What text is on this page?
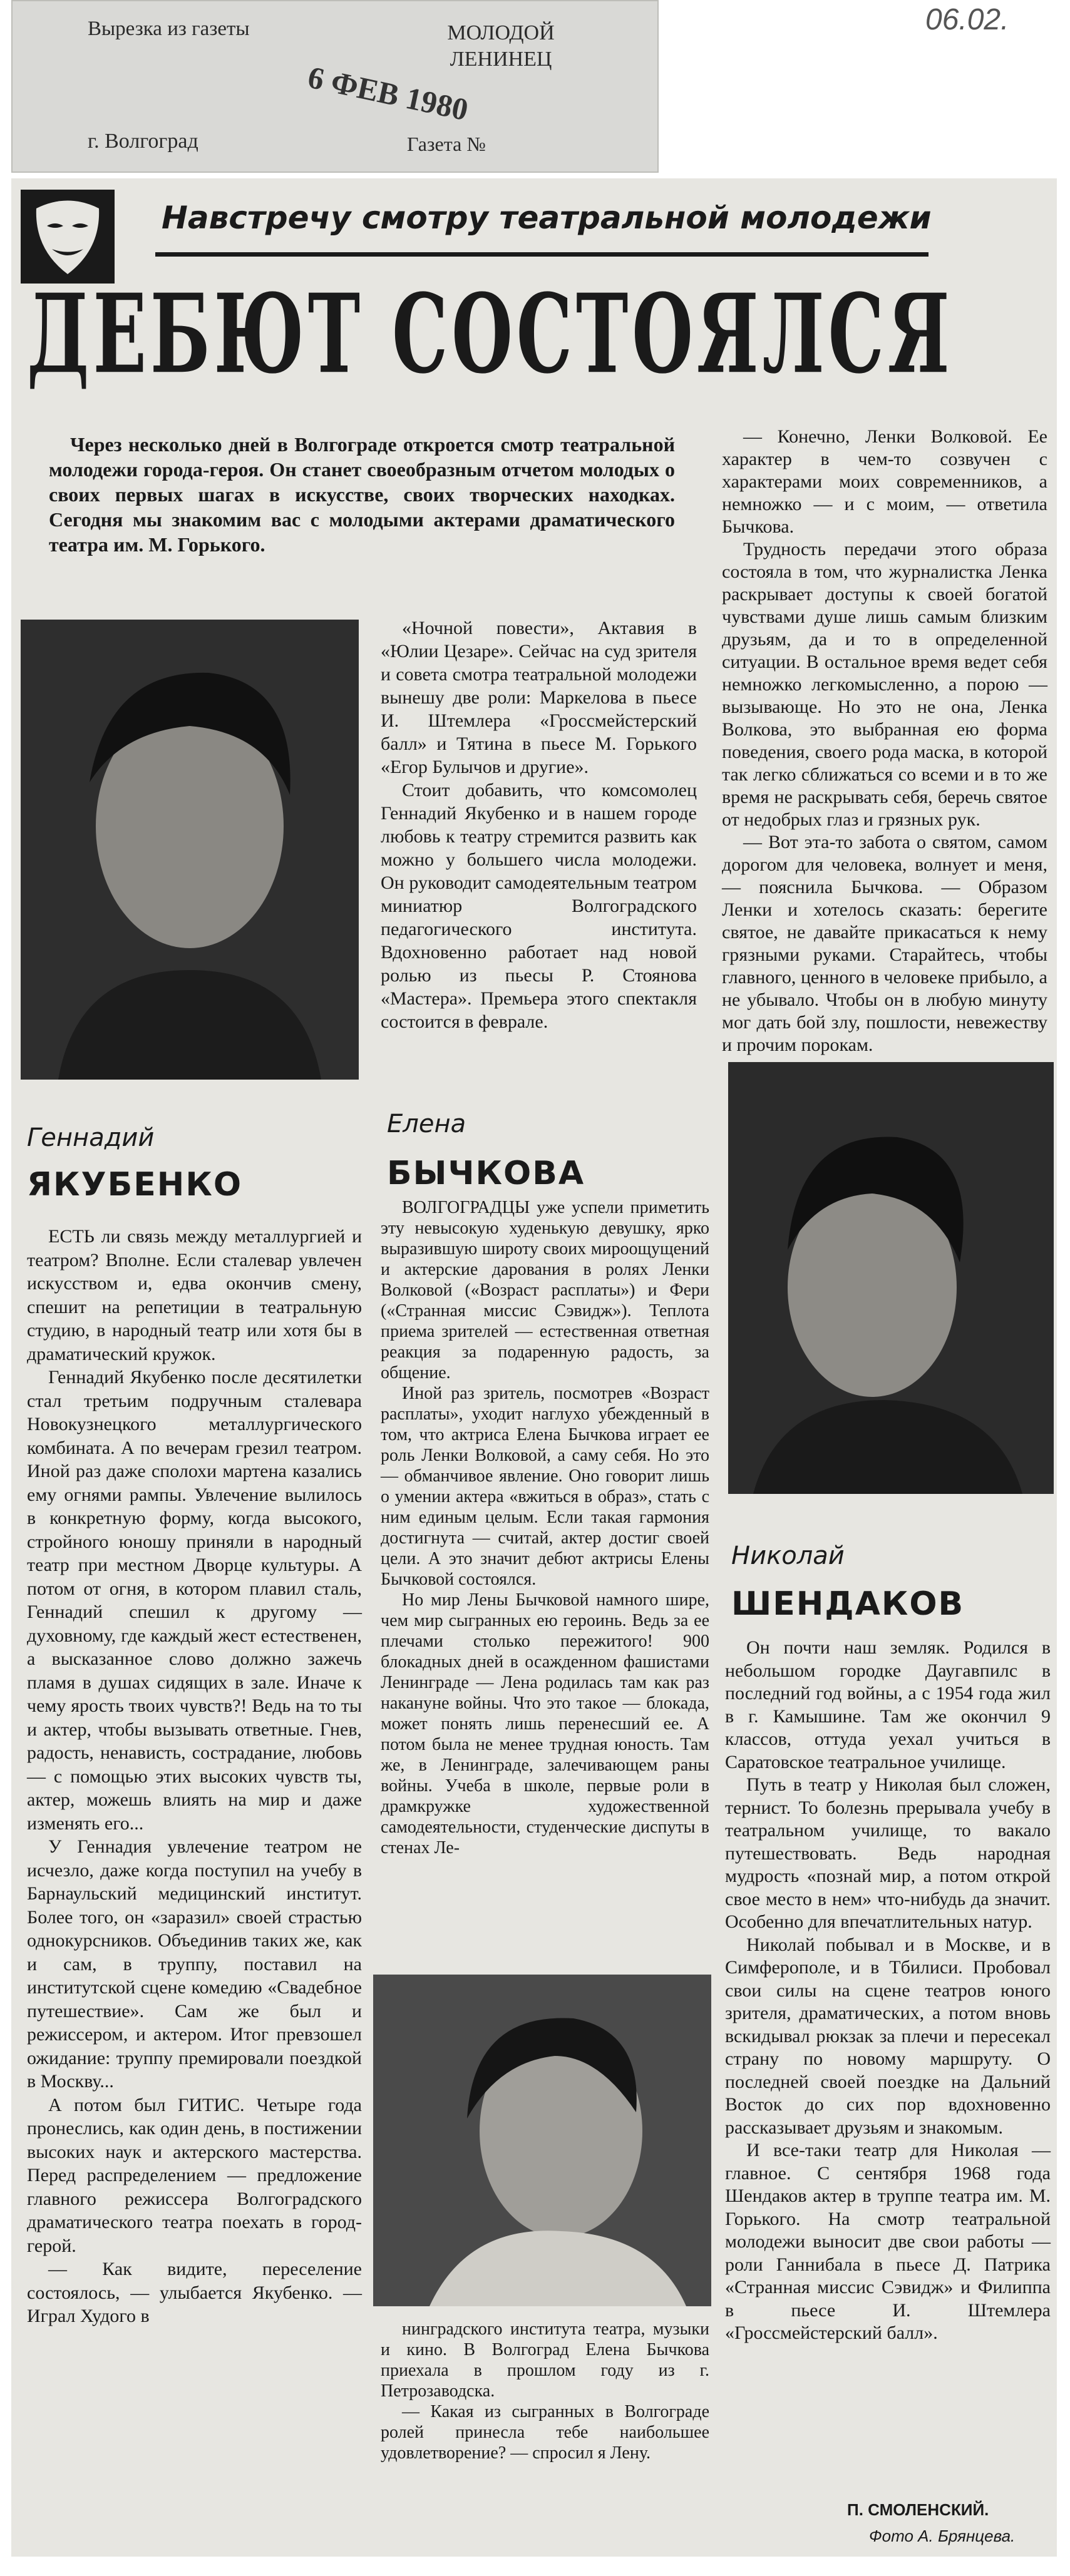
Вырезка из газеты	МОЛОДОЙ ЛЕНИНЕЦ
6 ФЕВ 1980
г. Волгоград	Газета №
06.02.
Навстречу смотру театральной молодежи
ДЕБЮТ СОСТОЯЛСЯ

Через несколько дней в Волгограде откроется смотр театральной молодежи города-героя. Он станет своеобразным отчетом молодых о своих первых шагах в искусстве, своих творческих находках. Сегодня мы знакомим вас с молодыми актерами драматического театра им. М. Горького.

— Конечно, Ленки Волковой. Ее характер в чем-то созвучен с характерами моих современников, а немножко — и с моим, — ответила Бычкова.

Трудность передачи этого образа состояла в том, что журналистка Ленка раскрывает доступы к своей богатой чувствами душе лишь самым близким друзьям, да и то в определенной ситуации. В остальное время ведет себя немножко легкомысленно, а порою — вызывающе. Но это не она, Ленка Волкова, это выбранная ею форма поведения, своего рода маска, в которой так легко сближаться со всеми и в то же время не раскрывать себя, беречь святое от недобрых глаз и грязных рук.

— Вот эта-то забота о святом, самом дорогом для человека, волнует и меня, — пояснила Бычкова. — Образом Ленки и хотелось сказать: берегите святое, не давайте прикасаться к нему грязными руками. Старайтесь, чтобы главного, ценного в человеке прибыло, а не убывало. Чтобы он в любую минуту мог дать бой злу, пошлости, невежеству и прочим порокам.

«Ночной повести», Актавия в «Юлии Цезаре». Сейчас на суд зрителя и совета смотра театральной молодежи вынешу две роли: Маркелова в пьесе И. Штемлера «Гроссмейстерский балл» и Тятина в пьесе М. Горького «Егор Булычов и другие».

Стоит добавить, что комсомолец Геннадий Якубенко и в нашем городе любовь к театру стремится развить как можно у большего числа молодежи. Он руководит самодеятельным театром миниатюр Волгоградского педагогического института. Вдохновенно работает над новой ролью из пьесы Р. Стоянова «Мастера». Премьера этого спектакля состоится в феврале.

Геннадий
ЯКУБЕНКО
Елена
БЫЧКОВА

ЕСТЬ ли связь между металлургией и театром? Вполне. Если сталевар увлечен искусством и, едва окончив смену, спешит на репетиции в театральную студию, в народный театр или хотя бы в драматический кружок.

Геннадий Якубенко после десятилетки стал третьим подручным сталевара Новокузнецкого металлургического комбината. А по вечерам грезил театром. Иной раз даже сполохи мартена казались ему огнями рампы. Увлечение вылилось в конкретную форму, когда высокого, стройного юношу приняли в народный театр при местном Дворце культуры. А потом от огня, в котором плавил сталь, Геннадий спешил к другому — духовному, где каждый жест естественен, а высказанное слово должно зажечь пламя в душах сидящих в зале. Иначе к чему ярость твоих чувств?! Ведь на то ты и актер, чтобы вызывать ответные. Гнев, радость, ненависть, сострадание, любовь — с помощью этих высоких чувств ты, актер, можешь влиять на мир и даже изменять его...

У Геннадия увлечение театром не исчезло, даже когда поступил на учебу в Барнаульский медицинский институт. Более того, он «заразил» своей страстью однокурсников. Объединив таких же, как и сам, в труппу, поставил на институтской сцене комедию «Свадебное путешествие». Сам же был и режиссером, и актером. Итог превзошел ожидание: труппу премировали поездкой в Москву...

А потом был ГИТИС. Четыре года пронеслись, как один день, в постижении высоких наук и актерского мастерства. Перед распределением — предложение главного режиссера Волгоградского драматического театра поехать в город-герой.

— Как видите, переселение состоялось, — улыбается Якубенко. — Играл Худого в

ВОЛГОГРАДЦЫ уже успели приметить эту невысокую худенькую девушку, ярко выразившую широту своих мироощущений и актерские дарования в ролях Ленки Волковой («Возраст расплаты») и Фери («Странная миссис Сэвидж»). Теплота приема зрителей — естественная ответная реакция за подаренную радость, за общение.

Иной раз зритель, посмотрев «Возраст расплаты», уходит наглухо убежденный в том, что актриса Елена Бычкова играет ее роль Ленки Волковой, а саму себя. Но это — обманчивое явление. Оно говорит лишь о умении актера «вжиться в образ», стать с ним единым целым. Если такая гармония достигнута — считай, актер достиг своей цели. А это значит дебют актрисы Елены Бычковой состоялся.

Но мир Лены Бычковой намного шире, чем мир сыгранных ею героинь. Ведь за ее плечами столько пережитого! 900 блокадных дней в осажденном фашистами Ленинграде — Лена родилась там как раз накануне войны. Что это такое — блокада, может понять лишь перенесший ее. А потом была не менее трудная юность. Там же, в Ленинграде, залечивающем раны войны. Учеба в школе, первые роли в драмкружке художественной самодеятельности, студенческие диспуты в стенах Ле-

нинградского института театра, музыки и кино. В Волгоград Елена Бычкова приехала в прошлом году из г. Петрозаводска.

— Какая из сыгранных в Волгограде ролей принесла тебе наибольшее удовлетворение? — спросил я Лену.

Николай
ШЕНДАКОВ

Он почти наш земляк. Родился в небольшом городке Даугавпилс в последний год войны, а с 1954 года жил в г. Камышине. Там же окончил 9 классов, оттуда уехал учиться в Саратовское театральное училище.

Путь в театр у Николая был сложен, тернист. То болезнь прерывала учебу в театральном училище, то вакало путешествовать. Ведь народная мудрость «познай мир, а потом открой свое место в нем» что-нибудь да значит. Особенно для впечатлительных натур.

Николай побывал и в Москве, и в Симферополе, и в Тбилиси. Пробовал свои силы на сцене театров юного зрителя, драматических, а потом вновь вскидывал рюкзак за плечи и пересекал страну по новому маршруту. О последней своей поездке на Дальний Восток до сих пор вдохновенно рассказывает друзьям и знакомым.

И все-таки театр для Николая — главное. С сентября 1968 года Шендаков актер в труппе театра им. М. Горького. На смотр театральной молодежи выносит две свои работы — роли Ганнибала в пьесе Д. Патрика «Странная миссис Сэвидж» и Филиппа в пьесе И. Штемлера «Гроссмейстерский балл».

П. СМОЛЕНСКИЙ.
Фото А. Брянцева.
